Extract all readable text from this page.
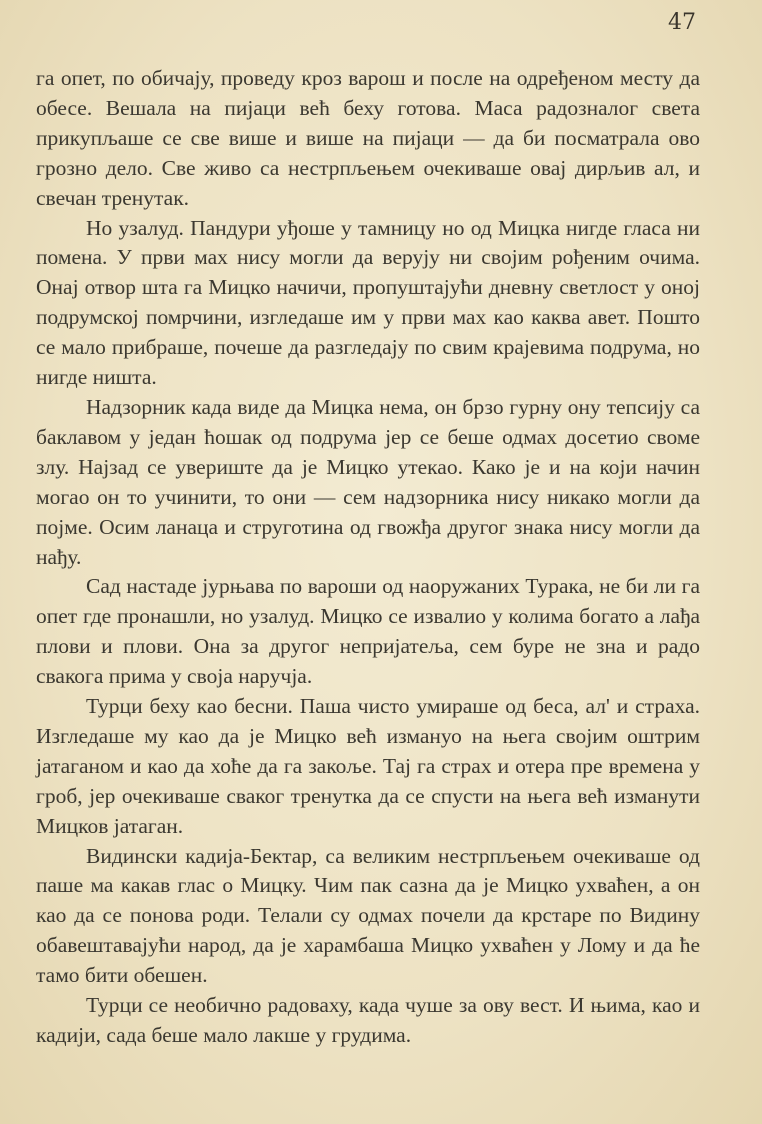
47

га опет, по обичају, проведу кроз варош и после на одређеном месту да обесе. Вешала на пијаци већ беху готова. Маса радозналог света прикупљаше се све више и више на пијаци — да би посматрала ово грозно дело. Све живо са нестрпљењем очекиваше овај дирљив ал, и свечан тренутак.

Но узалуд. Пандури уђоше у тамницу но од Мицка нигде гласа ни помена. У први мах нису могли да верују ни својим рођеним очима. Онај отвор шта га Мицко начичи, пропуштајући дневну светлост у оној подрумској помрчини, изгледаше им у први мах као каква авет. Пошто се мало прибраше, почеше да разгледају по свим крајевима подрума, но нигде ништа.

Надзорник када виде да Мицка нема, он брзо гурну ону тепсију са баклавом у један ћошак од подрума јер се беше одмах досетио своме злу. Најзад се увериште да је Мицко утекао. Како је и на који начин могао он то учинити, то они — сем надзорника нису никако могли да појме. Осим ланаца и струготина од гвожђа другог знака нису могли да нађу.

Сад настаде јурњава по вароши од наоружаних Турака, не би ли га опет где пронашли, но узалуд. Мицко се извалио у колима богато а лађа плови и плови. Она за другог непријатеља, сем буре не зна и радо свакога прима у своја наручја.

Турци беху као бесни. Паша чисто умираше од беса, ал' и страха. Изгледаше му као да је Мицко већ измануо на њега својим оштрим јатаганом и као да хоће да га закоље. Тај га страх и отера пре времена у гроб, јер очекиваше сваког тренутка да се спусти на њега већ изманути Мицков јатаган.

Видински кадија-Бектар, са великим нестрпљењем очекиваше од паше ма какав глас о Мицку. Чим пак сазна да је Мицко ухваћен, а он као да се понова роди. Телали су одмах почели да крстаре по Видину обавештавајући народ, да је харамбаша Мицко ухваћен у Лому и да ће тамо бити обешен.

Турци се необично радоваху, када чуше за ову вест. И њима, као и кадији, сада беше мало лакше у грудима.
